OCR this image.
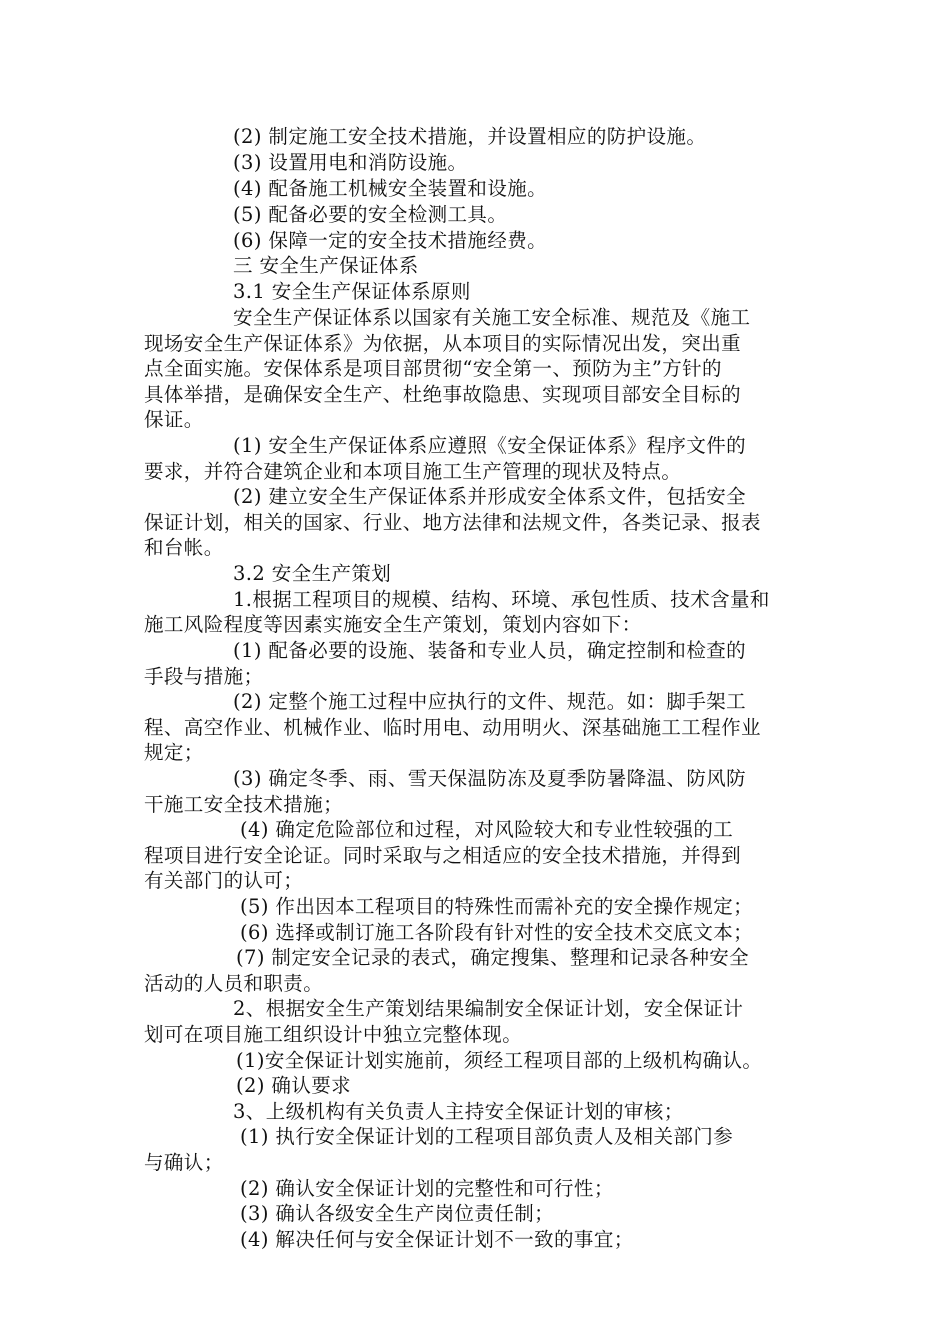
(2) 制定施工安全技术措施，并设置相应的防护设施。
(3) 设置用电和消防设施。
(4) 配备施工机械安全装置和设施。
(5) 配备必要的安全检测工具。
(6) 保障一定的安全技术措施经费。
三 安全生产保证体系
3.1 安全生产保证体系原则
安全生产保证体系以国家有关施工安全标准、规范及《施工
现场安全生产保证体系》为依据，从本项目的实际情况出发，突出重
点全面实施。安保体系是项目部贯彻“安全第一、预防为主”方针的
具体举措，是确保安全生产、杜绝事故隐患、实现项目部安全目标的
保证。
(1) 安全生产保证体系应遵照《安全保证体系》程序文件的
要求，并符合建筑企业和本项目施工生产管理的现状及特点。
(2) 建立安全生产保证体系并形成安全体系文件，包括安全
保证计划，相关的国家、行业、地方法律和法规文件，各类记录、报表
和台帐。
3.2 安全生产策划
1.根据工程项目的规模、结构、环境、承包性质、技术含量和
施工风险程度等因素实施安全生产策划，策划内容如下：
(1) 配备必要的设施、装备和专业人员，确定控制和检查的
手段与措施；
(2) 定整个施工过程中应执行的文件、规范。如：脚手架工
程、高空作业、机械作业、临时用电、动用明火、深基础施工工程作业
规定；
(3) 确定冬季、雨、雪天保温防冻及夏季防暑降温、防风防
干施工安全技术措施；
(4) 确定危险部位和过程，对风险较大和专业性较强的工
程项目进行安全论证。同时采取与之相适应的安全技术措施，并得到
有关部门的认可；
(5) 作出因本工程项目的特殊性而需补充的安全操作规定；
(6) 选择或制订施工各阶段有针对性的安全技术交底文本；
(7) 制定安全记录的表式，确定搜集、整理和记录各种安全
活动的人员和职责。
2、根据安全生产策划结果编制安全保证计划，安全保证计
划可在项目施工组织设计中独立完整体现。
(1)安全保证计划实施前，须经工程项目部的上级机构确认。
(2) 确认要求
3、上级机构有关负责人主持安全保证计划的审核；
(1) 执行安全保证计划的工程项目部负责人及相关部门参
与确认；
(2) 确认安全保证计划的完整性和可行性；
(3) 确认各级安全生产岗位责任制；
(4) 解决任何与安全保证计划不一致的事宜；
